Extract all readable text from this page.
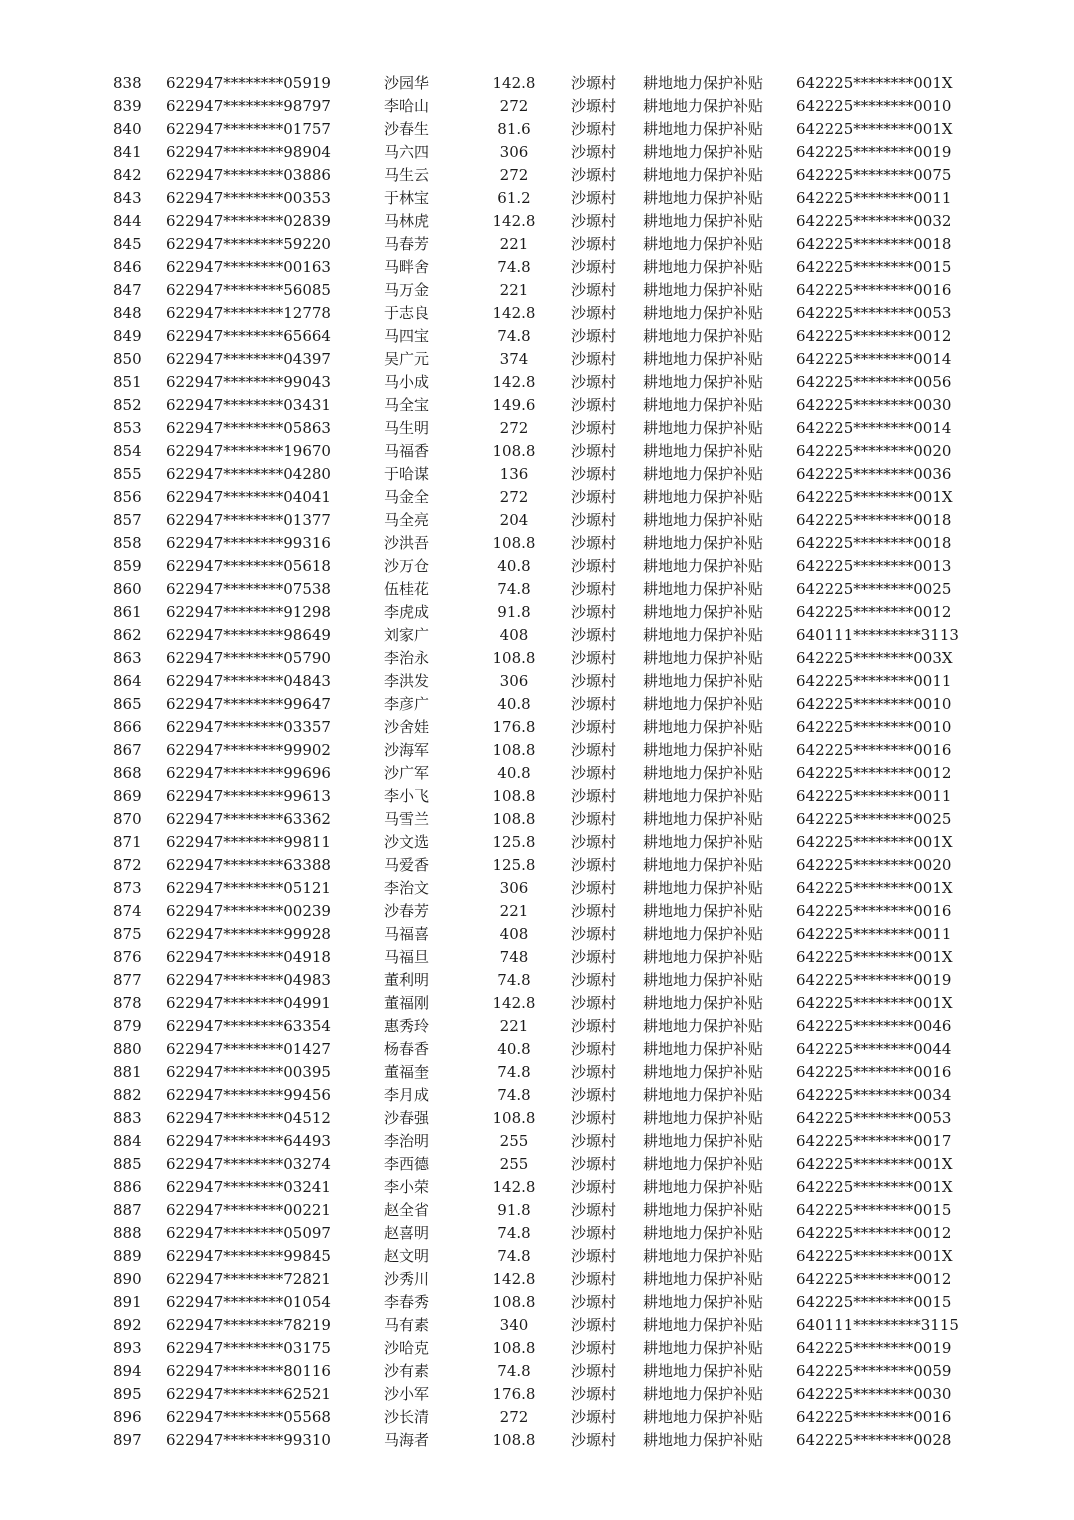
838 622947********05919	沙园华	142.8	沙塬村 耕地地力保护补贴 642225********001X
839 622947********98797	李哈山	272	沙塬村 耕地地力保护补贴 642225********0010
840 622947********01757	沙春生	81.6	沙塬村 耕地地力保护补贴 642225********001X
841 622947********98904	马六四	306	沙塬村 耕地地力保护补贴 642225********0019
842 622947********03886	马生云	272	沙塬村 耕地地力保护补贴 642225********0075
843 622947********00353	于林宝	61.2	沙塬村 耕地地力保护补贴 642225********0011
844 622947********02839	马林虎	142.8	沙塬村 耕地地力保护补贴 642225********0032
845 622947********59220	马春芳	221	沙塬村 耕地地力保护补贴 642225********0018
846 622947********00163	马畔舍	74.8	沙塬村 耕地地力保护补贴 642225********0015
847 622947********56085	马万金	221	沙塬村 耕地地力保护补贴 642225********0016
848 622947********12778	于志良	142.8	沙塬村 耕地地力保护补贴 642225********0053
849 622947********65664	马四宝	74.8	沙塬村 耕地地力保护补贴 642225********0012
850 622947********04397	吴广元	374	沙塬村 耕地地力保护补贴 642225********0014
851 622947********99043	马小成	142.8	沙塬村 耕地地力保护补贴 642225********0056
852 622947********03431	马全宝	149.6	沙塬村 耕地地力保护补贴 642225********0030
853 622947********05863	马生明	272	沙塬村 耕地地力保护补贴 642225********0014
854 622947********19670	马福香	108.8	沙塬村 耕地地力保护补贴 642225********0020
855 622947********04280	于哈谋	136	沙塬村 耕地地力保护补贴 642225********0036
856 622947********04041	马金全	272	沙塬村 耕地地力保护补贴 642225********001X
857 622947********01377	马全亮	204	沙塬村 耕地地力保护补贴 642225********0018
858 622947********99316	沙洪吾	108.8	沙塬村 耕地地力保护补贴 642225********0018
859 622947********05618	沙万仓	40.8	沙塬村 耕地地力保护补贴 642225********0013
860 622947********07538	伍桂花	74.8	沙塬村 耕地地力保护补贴 642225********0025
861 622947********91298	李虎成	91.8	沙塬村 耕地地力保护补贴 642225********0012
862 622947********98649	刘家广	408	沙塬村 耕地地力保护补贴 640111*********3113
863 622947********05790	李治永	108.8	沙塬村 耕地地力保护补贴 642225********003X
864 622947********04843	李洪发	306	沙塬村 耕地地力保护补贴 642225********0011
865 622947********99647	李彦广	40.8	沙塬村 耕地地力保护补贴 642225********0010
866 622947********03357	沙舍娃	176.8	沙塬村 耕地地力保护补贴 642225********0010
867 622947********99902	沙海军	108.8	沙塬村 耕地地力保护补贴 642225********0016
868 622947********99696	沙广军	40.8	沙塬村 耕地地力保护补贴 642225********0012
869 622947********99613	李小飞	108.8	沙塬村 耕地地力保护补贴 642225********0011
870 622947********63362	马雪兰	108.8	沙塬村 耕地地力保护补贴 642225********0025
871 622947********99811	沙文选	125.8	沙塬村 耕地地力保护补贴 642225********001X
872 622947********63388	马爱香	125.8	沙塬村 耕地地力保护补贴 642225********0020
873 622947********05121	李治文	306	沙塬村 耕地地力保护补贴 642225********001X
874 622947********00239	沙春芳	221	沙塬村 耕地地力保护补贴 642225********0016
875 622947********99928	马福喜	408	沙塬村 耕地地力保护补贴 642225********0011
876 622947********04918	马福旦	748	沙塬村 耕地地力保护补贴 642225********001X
877 622947********04983	董利明	74.8	沙塬村 耕地地力保护补贴 642225********0019
878 622947********04991	董福刚	142.8	沙塬村 耕地地力保护补贴 642225********001X
879 622947********63354	惠秀玲	221	沙塬村 耕地地力保护补贴 642225********0046
880 622947********01427	杨春香	40.8	沙塬村 耕地地力保护补贴 642225********0044
881 622947********00395	董福奎	74.8	沙塬村 耕地地力保护补贴 642225********0016
882 622947********99456	李月成	74.8	沙塬村 耕地地力保护补贴 642225********0034
883 622947********04512	沙春强	108.8	沙塬村 耕地地力保护补贴 642225********0053
884 622947********64493	李治明	255	沙塬村 耕地地力保护补贴 642225********0017
885 622947********03274	李西德	255	沙塬村 耕地地力保护补贴 642225********001X
886 622947********03241	李小荣	142.8	沙塬村 耕地地力保护补贴 642225********001X
887 622947********00221	赵全省	91.8	沙塬村 耕地地力保护补贴 642225********0015
888 622947********05097	赵喜明	74.8	沙塬村 耕地地力保护补贴 642225********0012
889 622947********99845	赵文明	74.8	沙塬村 耕地地力保护补贴 642225********001X
890 622947********72821	沙秀川	142.8	沙塬村 耕地地力保护补贴 642225********0012
891 622947********01054	李春秀	108.8	沙塬村 耕地地力保护补贴 642225********0015
892 622947********78219	马有素	340	沙塬村 耕地地力保护补贴 640111*********3115
893 622947********03175	沙哈克	108.8	沙塬村 耕地地力保护补贴 642225********0019
894 622947********80116	沙有素	74.8	沙塬村 耕地地力保护补贴 642225********0059
895 622947********62521	沙小军	176.8	沙塬村 耕地地力保护补贴 642225********0030
896 622947********05568	沙长清	272	沙塬村 耕地地力保护补贴 642225********0016
897 622947********99310	马海者	108.8	沙塬村 耕地地力保护补贴 642225********0028
